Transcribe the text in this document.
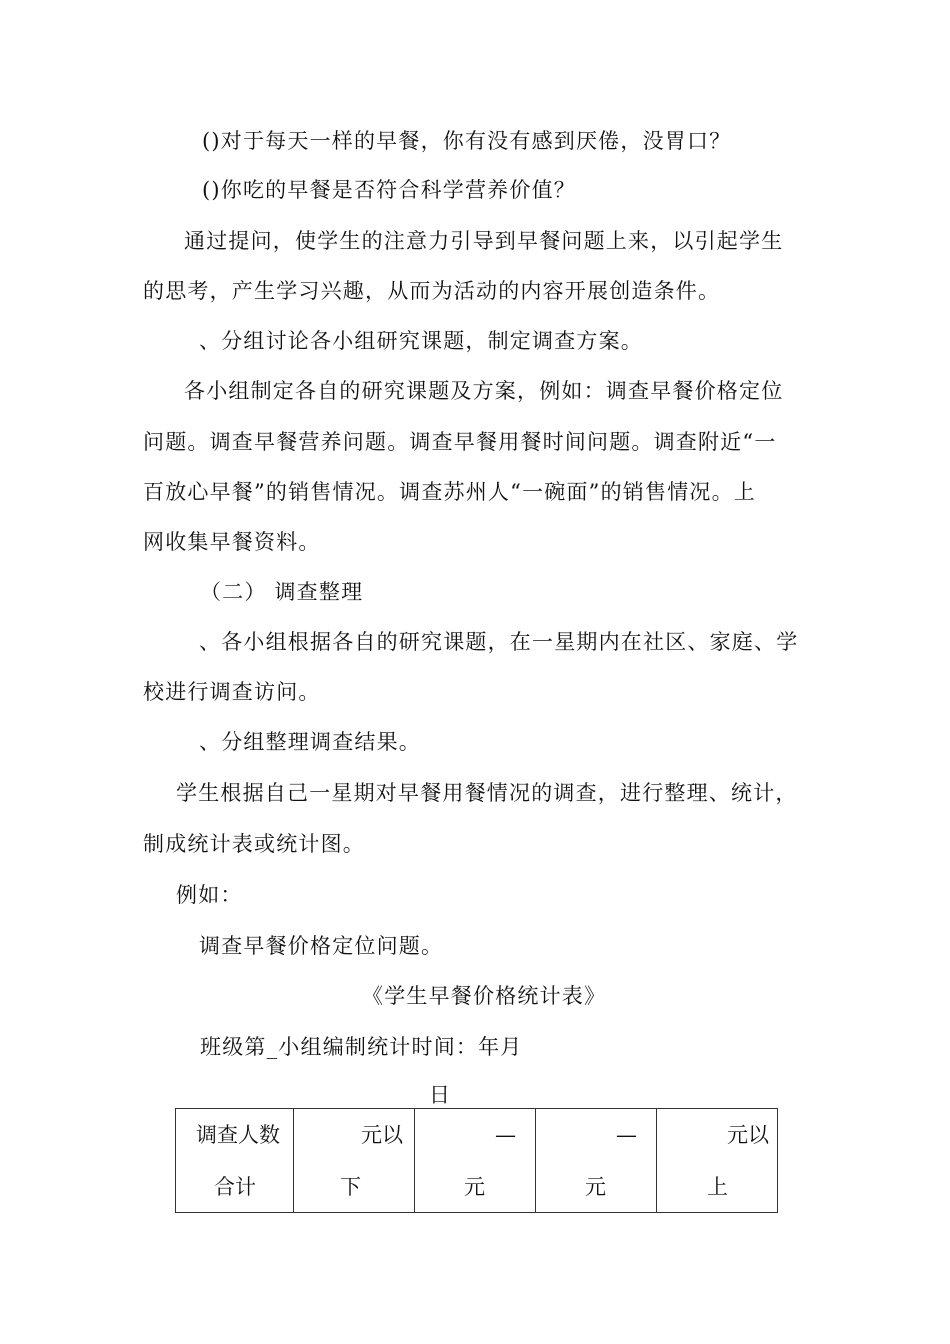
()对于每天一样的早餐，你有没有感到厌倦，没胃口？
()你吃的早餐是否符合科学营养价值？
通过提问，使学生的注意力引导到早餐问题上来，以引起学生
的思考，产生学习兴趣，从而为活动的内容开展创造条件。
、分组讨论各小组研究课题，制定调查方案。
各小组制定各自的研究课题及方案，例如：调查早餐价格定位
问题。调查早餐营养问题。调查早餐用餐时间问题。调查附近“一
百放心早餐”的销售情况。调查苏州人“一碗面”的销售情况。上
网收集早餐资料。
（二） 调查整理
、各小组根据各自的研究课题，在一星期内在社区、家庭、学
校进行调查访问。
、分组整理调查结果。
学生根据自己一星期对早餐用餐情况的调查，进行整理、统计，
制成统计表或统计图。
例如：
调查早餐价格定位问题。
《学生早餐价格统计表》
班级第_小组编制统计时间：年月
日
调查人数
合计

元以
下

—
元

—
元

元以
上
